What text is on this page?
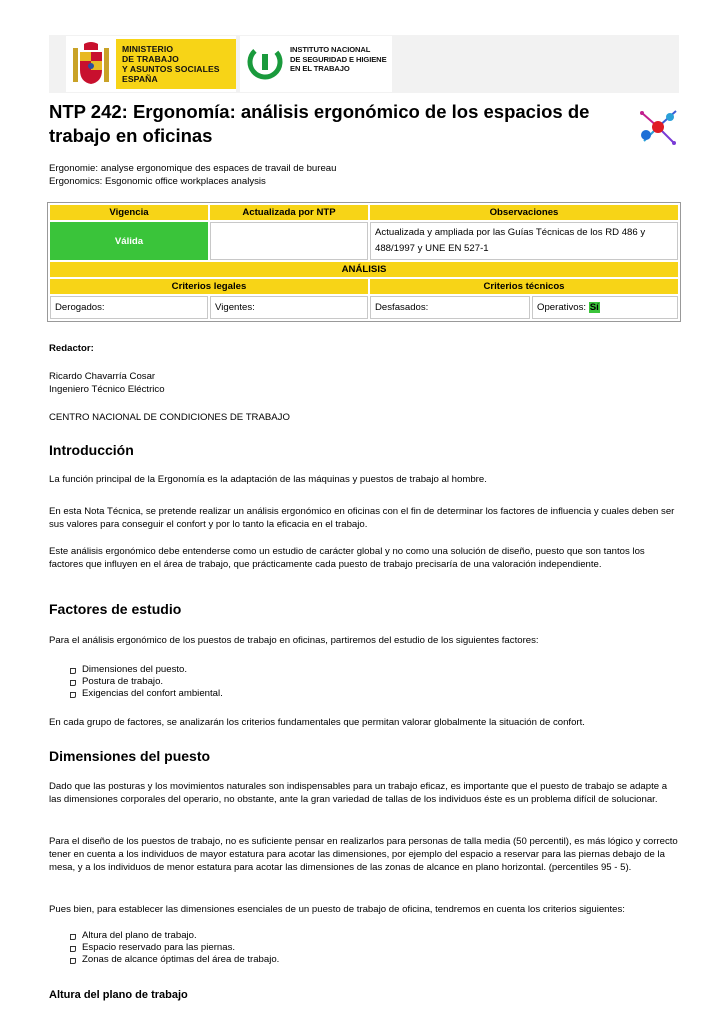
MINISTERIO
DE TRABAJO
Y ASUNTOS SOCIALES
ESPAÑA
INSTITUTO NACIONAL
DE SEGURIDAD E HIGIENE
EN EL TRABAJO
NTP 242: Ergonomía: análisis ergonómico de los espacios de trabajo en oficinas
Ergonomie: analyse ergonomique des espaces de travail de bureau
Ergonomics: Esgonomic office workplaces analysis
Vigencia	Actualizada por NTP	Observaciones	
Válida		Actualizada y ampliada por las Guías Técnicas de los RD 486 y 488/1997 y UNE EN 527-1	
ANÁLISIS			
Criterios legales		Criterios técnicos	
Derogados:	Vigentes:	Desfasados:	Operativos: Sí
Redactor:
Ricardo Chavarría Cosar
Ingeniero Técnico Eléctrico
CENTRO NACIONAL DE CONDICIONES DE TRABAJO
Introducción
La función principal de la Ergonomía es la adaptación de las máquinas y puestos de trabajo al hombre.
En esta Nota Técnica, se pretende realizar un análisis ergonómico en oficinas con el fin de determinar los factores de influencia y cuales deben ser sus valores para conseguir el confort y por lo tanto la eficacia en el trabajo.
Este análisis ergonómico debe entenderse como un estudio de carácter global y no como una solución de diseño, puesto que son tantos los factores que influyen en el área de trabajo, que prácticamente cada puesto de trabajo precisaría de una valoración independiente.
Factores de estudio
Para el análisis ergonómico de los puestos de trabajo en oficinas, partiremos del estudio de los siguientes factores:
Dimensiones del puesto.
Postura de trabajo.
Exigencias del confort ambiental.
En cada grupo de factores, se analizarán los criterios fundamentales que permitan valorar globalmente la situación de confort.
Dimensiones del puesto
Dado que las posturas y los movimientos naturales son indispensables para un trabajo eficaz, es importante que el puesto de trabajo se adapte a las dimensiones corporales del operario, no obstante, ante la gran variedad de tallas de los individuos éste es un problema difícil de solucionar.
Para el diseño de los puestos de trabajo, no es suficiente pensar en realizarlos para personas de talla media (50 percentil), es más lógico y correcto tener en cuenta a los individuos de mayor estatura para acotar las dimensiones, por ejemplo del espacio a reservar para las piernas debajo de la mesa, y a los individuos de menor estatura para acotar las dimensiones de las zonas de alcance en plano horizontal. (percentiles 95 - 5).
Pues bien, para establecer las dimensiones esenciales de un puesto de trabajo de oficina, tendremos en cuenta los criterios siguientes:
Altura del plano de trabajo.
Espacio reservado para las piernas.
Zonas de alcance óptimas del área de trabajo.
Altura del plano de trabajo
